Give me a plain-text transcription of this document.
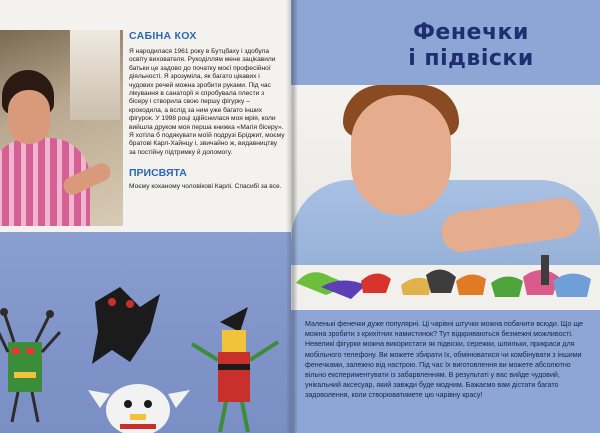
САБІНА КОХ

Я народилася 1961 року в Бутцбаху і здобула освіту вихователя. Рукоділлям мене зацікавили батьки це задово до початку моєї професійної діяльності. Я зрозуміла, як багато цікавих і чудових речей можна зробити руками. Під час лікування в санаторії я спробувала плести з бісеру і створила свою першу фігурку – крокодила, а вслід за ним уже багато інших фігурок. У 1998 році здійснилася моя мрія, коли вийшла друком моя перша книжка «Магія бісеру». Я хотіла б подякувати моїй подрузі Бріджит, моєму братові Карл-Хайнцу і, звичайно ж, видавництву за постійну підтримку й допомогу.

ПРИСВЯТА

Моєму коханому чоловікові Карлі. Спасибі за все.

Фенечки
і підвіски

Маленькі фенечки дуже популярні. Ці чарівні штучки можна побачити всюди. Що ще можна зробити з крихітних намистинок? Тут відкриваються безмежні можливості. Невеликі фігурки можна використати як підвіски, сережки, шпильки, прикраси для мобільного телефону. Ви можете збирати їх, обмінюватися чи комбінувати з іншими фенечками, залежно від настрою. Під час їх виготовлення ви можете абсолютно вільно експериментувати із забарвленням. В результаті у вас вийде чудовий, унікальний аксесуар, який завжди буде модним. Бажаємо вам дістати багато задоволення, коли створюватимете цю чарівну красу!
